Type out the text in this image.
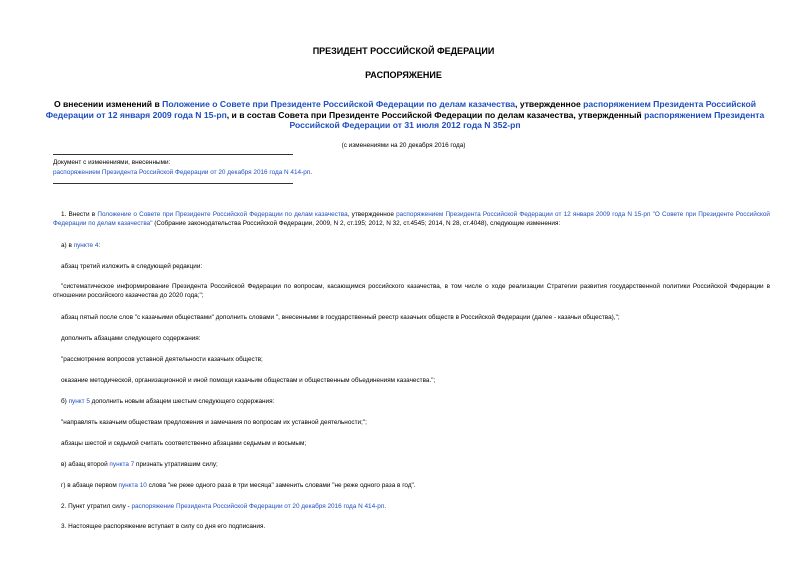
ПРЕЗИДЕНТ РОССИЙСКОЙ ФЕДЕРАЦИИ
РАСПОРЯЖЕНИЕ
О внесении изменений в Положение о Совете при Президенте Российской Федерации по делам казачества, утвержденное распоряжением Президента Российской Федерации от 12 января 2009 года N 15-рп, и в состав Совета при Президенте Российской Федерации по делам казачества, утвержденный распоряжением Президента Российской Федерации от 31 июля 2012 года N 352-рп
(с изменениями на 20 декабря 2016 года)
Документ с изменениями, внесенными:
распоряжением Президента Российской Федерации от 20 декабря 2016 года N 414-рп.
1. Внести в Положение о Совете при Президенте Российской Федерации по делам казачества, утвержденное распоряжением Президента Российской Федерации от 12 января 2009 года N 15-рп "О Совете при Президенте Российской Федерации по делам казачества" (Собрание законодательства Российской Федерации, 2009, N 2, ст.195; 2012, N 32, ст.4545; 2014, N 28, ст.4048), следующие изменения:
а) в пункте 4:
абзац третий изложить в следующей редакции:
"систематическое информирование Президента Российской Федерации по вопросам, касающимся российского казачества, в том числе о ходе реализации Стратегии развития государственной политики Российской Федерации в отношении российского казачества до 2020 года;";
абзац пятый после слов "с казачьими обществами" дополнить словами ", внесенными в государственный реестр казачьих обществ в Российской Федерации (далее - казачьи общества),";
дополнить абзацами следующего содержания:
"рассмотрение вопросов уставной деятельности казачьих обществ;
оказание методической, организационной и иной помощи казачьим обществам и общественным объединениям казачества.";
б) пункт 5 дополнить новым абзацем шестым следующего содержания:
"направлять казачьим обществам предложения и замечания по вопросам их уставной деятельности;";
абзацы шестой и седьмой считать соответственно абзацами седьмым и восьмым;
в) абзац второй пункта 7 признать утратившим силу;
г) в абзаце первом пункта 10 слова "не реже одного раза в три месяца" заменить словами "не реже одного раза в год".
2. Пункт утратил силу - распоряжение Президента Российской Федерации от 20 декабря 2016 года N 414-рп.
3. Настоящее распоряжение вступает в силу со дня его подписания.
